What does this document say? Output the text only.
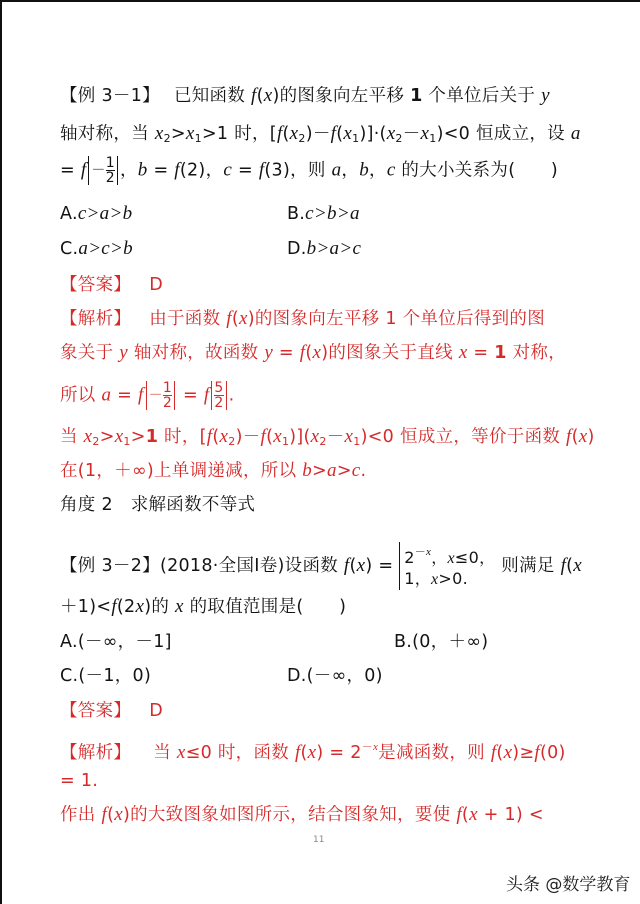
【例 3－1】 已知函数 f(x)的图象向左平移 1 个单位后关于 y
轴对称，当 $x_2>x_1>1$ 时，$[f(x_2)-f(x_1)]\cdot(x_2-x_1)<0$ 恒成立，设 a
= $f - \frac{1}{2}$ ，b = f(2)，c = f(3)，则 a，b，c 的大小关系为(　　)
A.c>a>b	B.c>b>a
C.a>c>b	D.b>a>c
【答案】 D
【解析】 由于函数 f(x)的图象向左平移 1 个单位后得到的图
象关于 y 轴对称，故函数 y = f(x)的图象关于直线 x = 1 对称，
所以 $a = f - \frac{1}{2} = f \frac{5}{2}$ .
当 $x_2>x_1>1$ 时，$[f(x_2)-f(x_1)](x_2-x_1)<0$ 恒成立，等价于函数 f(x)
在(1，＋∞)上单调递减，所以 b>a>c.
角度 2　求解函数不等式
【例 3－2】(2018·全国Ⅰ卷)设函数 $f(x) = 2^{-x}$，x≤0，
1，x>0.
则满足 f(x
＋1)<f(2x)的 x 的取值范围是(　　)
A.(－∞，－1]	B.(0，＋∞)
C.(－1，0)	D.(－∞，0)
【答案】 D
【解析】 当 x≤0 时，函数 $f(x) = 2^{-x}$是减函数，则 f(x)≥f(0)
= 1.
作出 f(x)的大致图象如图所示，结合图象知，要使 f(x + 1) <
11
头条 @数学教育
